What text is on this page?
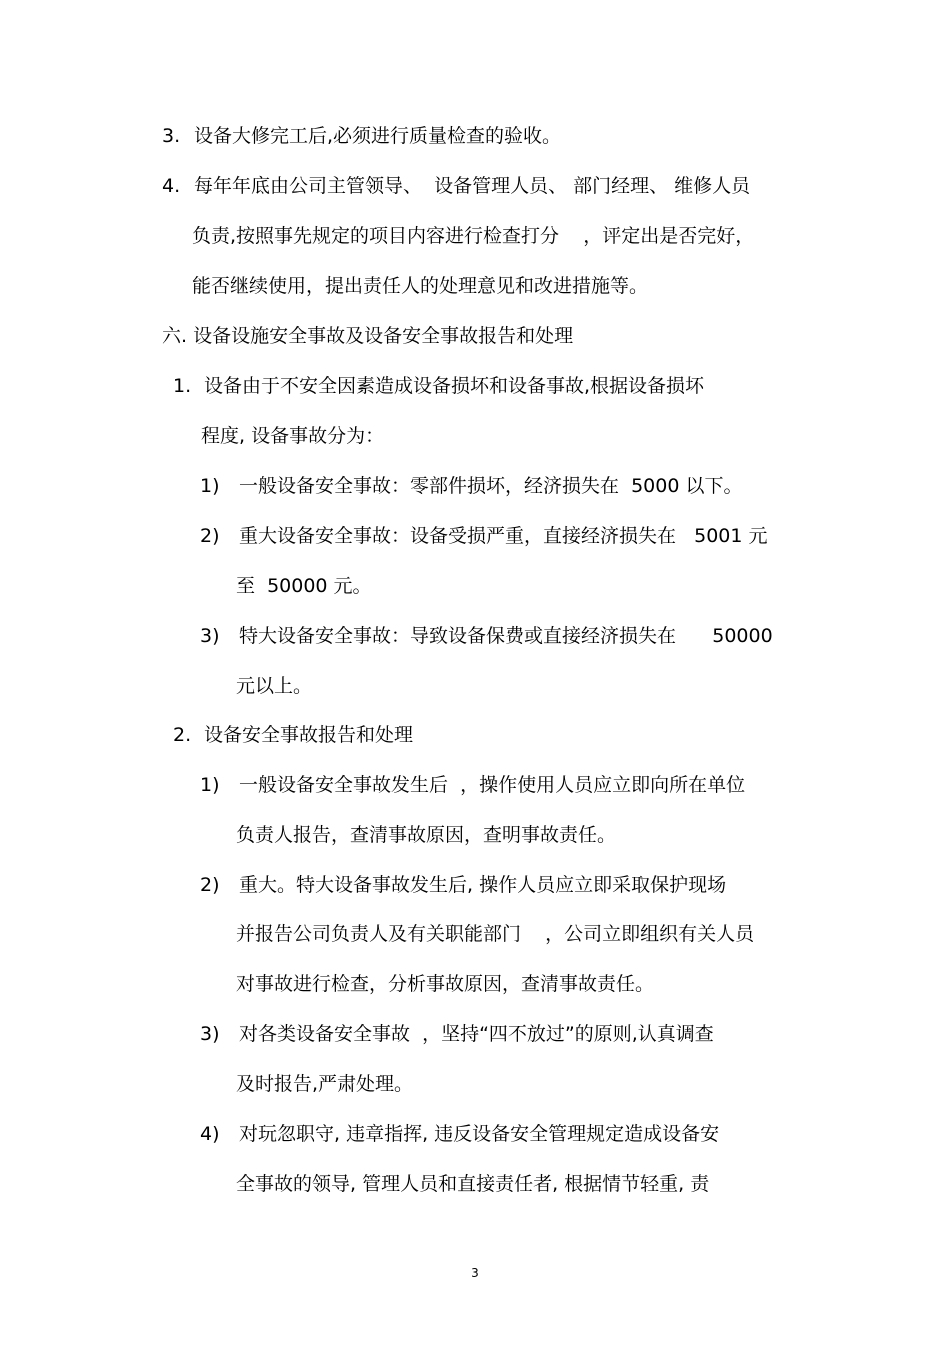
3. 设备大修完工后,必须进行质量检查的验收。
4. 每年年底由公司主管领导、  设备管理人员、 部门经理、 维修人员
负责,按照事先规定的项目内容进行检查打分    ，评定出是否完好，
能否继续使用，提出责任人的处理意见和改进措施等。
六. 设备设施安全事故及设备安全事故报告和处理
1. 设备由于不安全因素造成设备损坏和设备事故,根据设备损坏
程度, 设备事故分为：
1) 一般设备安全事故：零部件损坏，经济损失在  5000 以下。
2) 重大设备安全事故：设备受损严重，直接经济损失在   5001 元
至  50000 元。
3) 特大设备安全事故：导致设备保费或直接经济损失在      50000
元以上。
2. 设备安全事故报告和处理
1) 一般设备安全事故发生后  ，操作使用人员应立即向所在单位
负责人报告，查清事故原因，查明事故责任。
2) 重大。特大设备事故发生后, 操作人员应立即采取保护现场
并报告公司负责人及有关职能部门    ，公司立即组织有关人员
对事故进行检查，分析事故原因，查清事故责任。
3) 对各类设备安全事故  ，坚持“四不放过”的原则,认真调查
及时报告,严肃处理。
4) 对玩忽职守, 违章指挥, 违反设备安全管理规定造成设备安
全事故的领导, 管理人员和直接责任者, 根据情节轻重, 责
3
